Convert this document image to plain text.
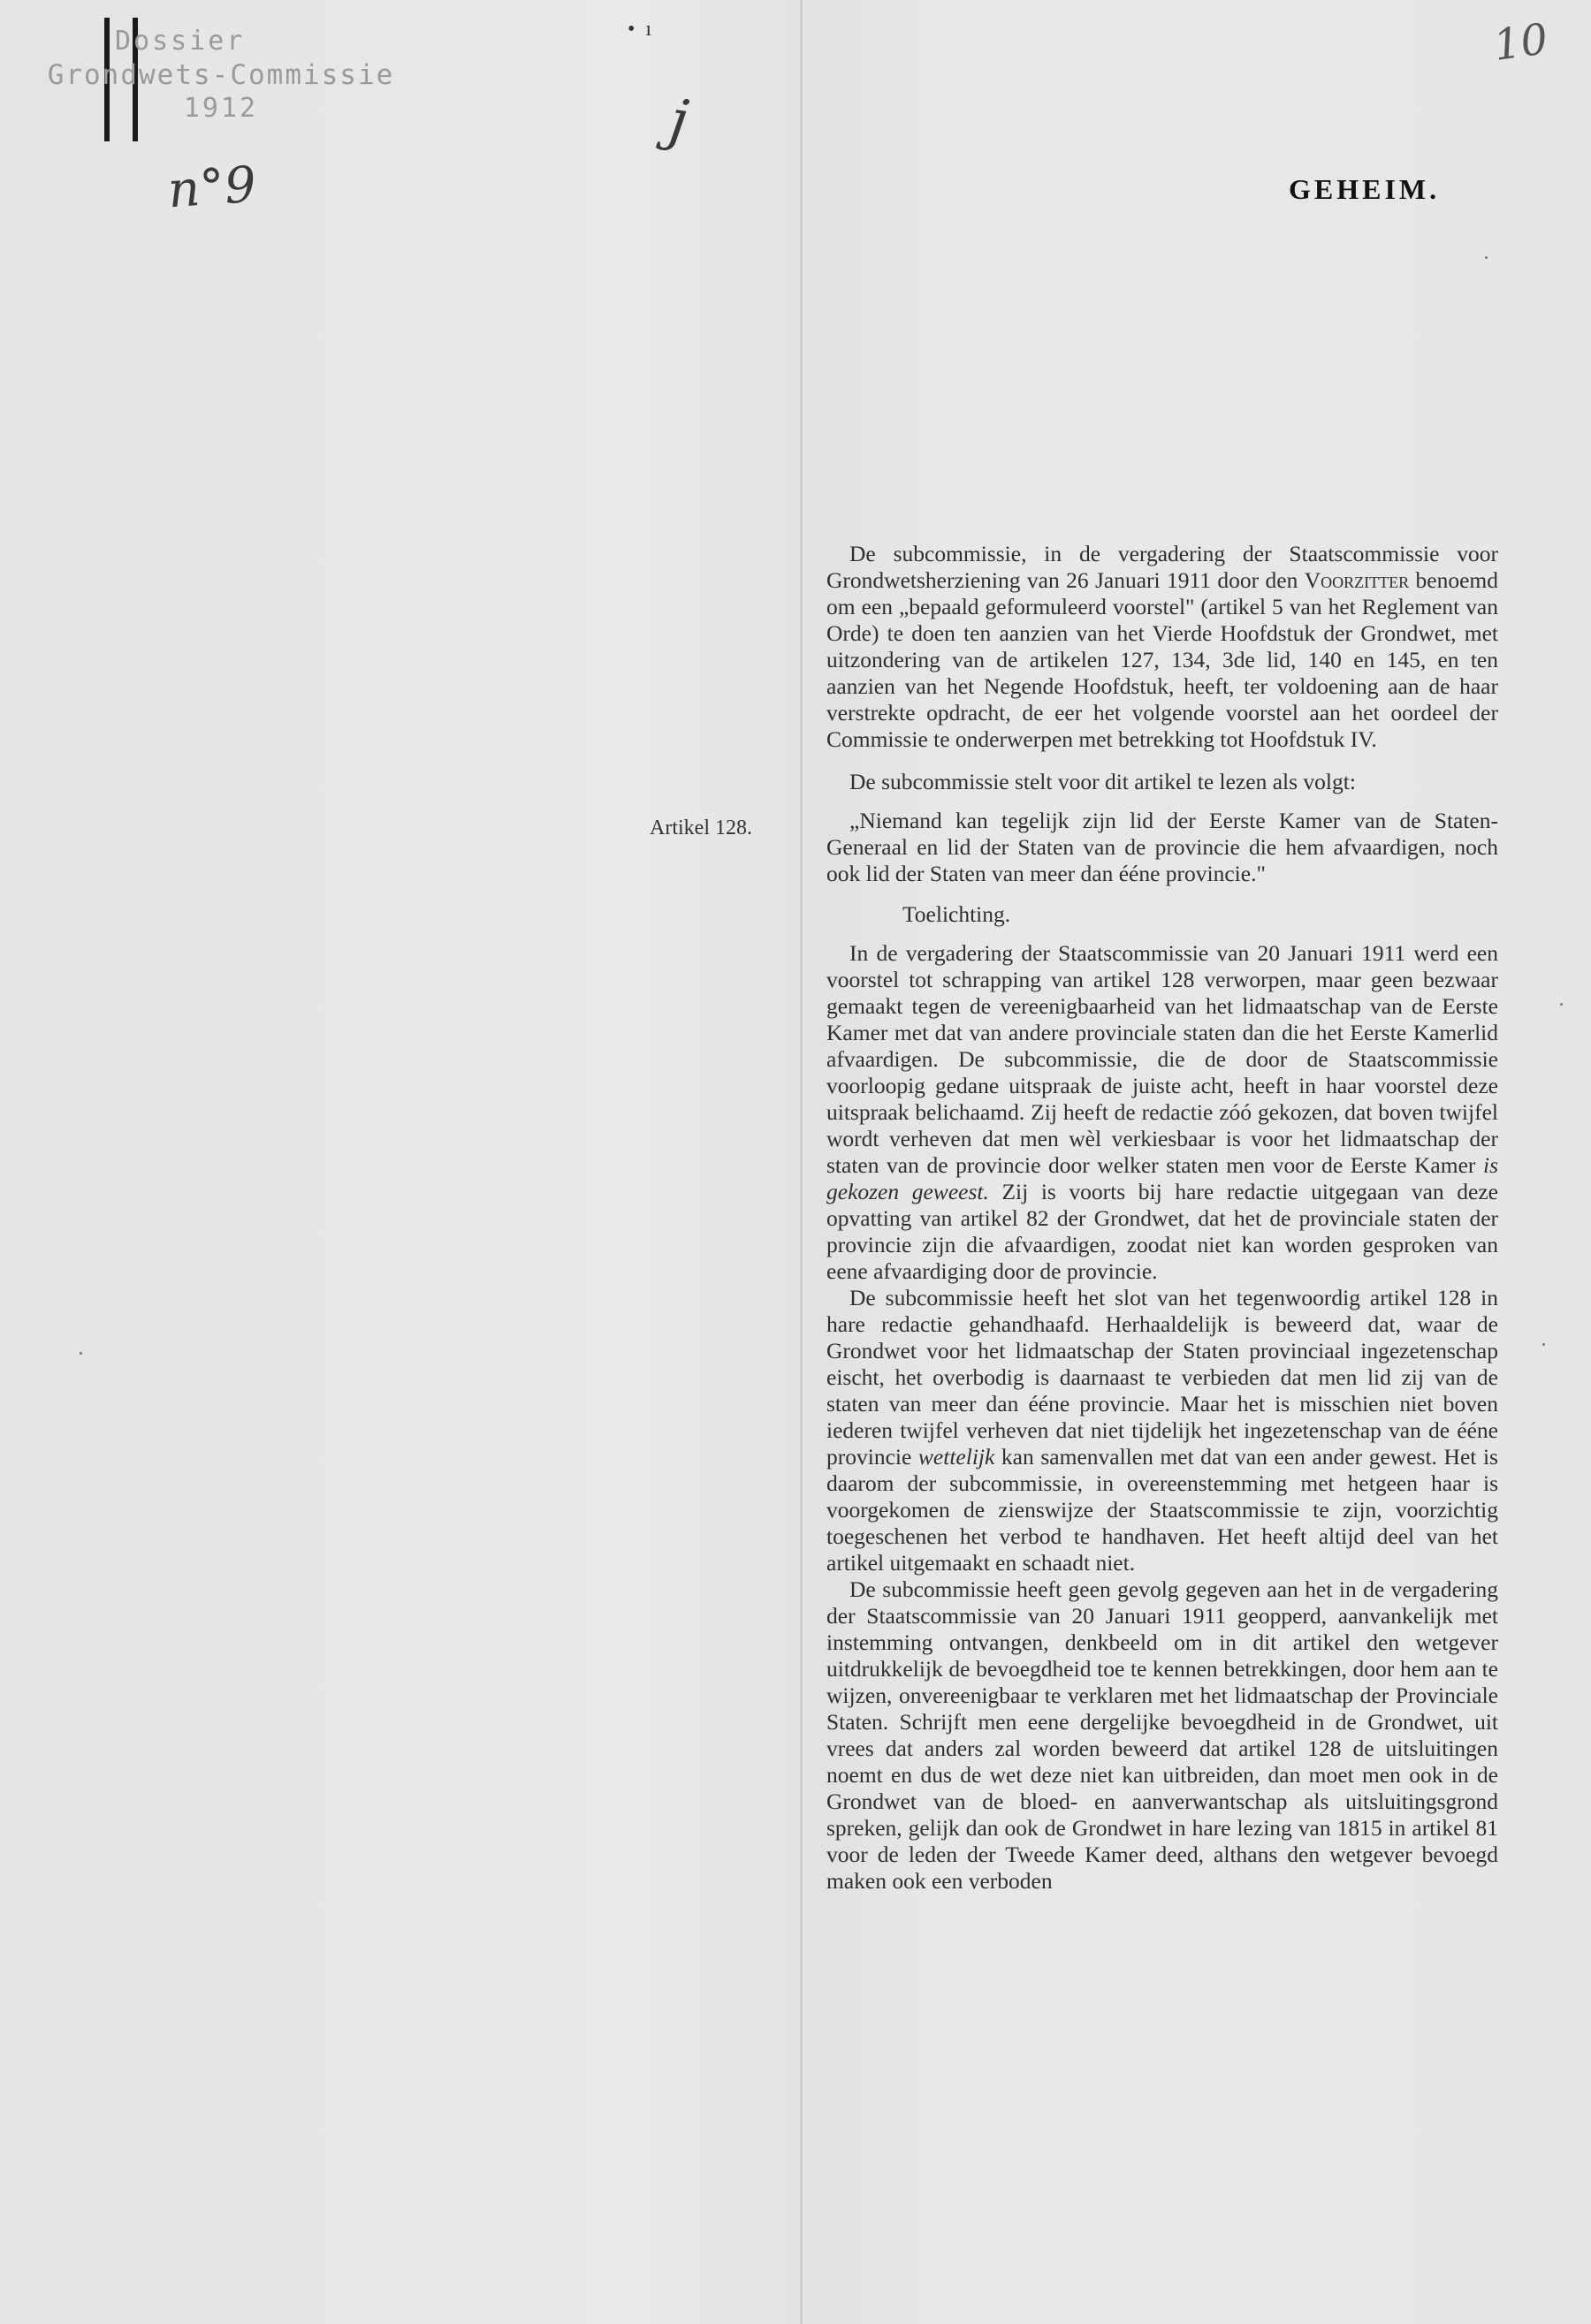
Dossier
Grondwets-Commissie
1912
n°9
10
j
•  ı
GEHEIM.
Artikel 128.

De subcommissie, in de vergadering der Staatscommissie voor Grondwetsherziening van 26 Januari 1911 door den Voorzitter benoemd om een „bepaald geformuleerd voorstel" (artikel 5 van het Reglement van Orde) te doen ten aanzien van het Vierde Hoofdstuk der Grondwet, met uitzondering van de artikelen 127, 134, 3de lid, 140 en 145, en ten aanzien van het Negende Hoofdstuk, heeft, ter voldoening aan de haar verstrekte opdracht, de eer het volgende voorstel aan het oordeel der Commissie te onderwerpen met betrekking tot Hoofdstuk IV.

De subcommissie stelt voor dit artikel te lezen als volgt:

„Niemand kan tegelijk zijn lid der Eerste Kamer van de Staten-Generaal en lid der Staten van de provincie die hem afvaardigen, noch ook lid der Staten van meer dan ééne provincie."

Toelichting.

In de vergadering der Staatscommissie van 20 Januari 1911 werd een voorstel tot schrapping van artikel 128 verworpen, maar geen bezwaar gemaakt tegen de vereenigbaarheid van het lidmaatschap van de Eerste Kamer met dat van andere provinciale staten dan die het Eerste Kamerlid afvaardigen. De subcommissie, die de door de Staatscommissie voorloopig gedane uitspraak de juiste acht, heeft in haar voorstel deze uitspraak belichaamd. Zij heeft de redactie zóó gekozen, dat boven twijfel wordt verheven dat men wèl verkiesbaar is voor het lidmaatschap der staten van de provincie door welker staten men voor de Eerste Kamer is gekozen geweest. Zij is voorts bij hare redactie uitgegaan van deze opvatting van artikel 82 der Grondwet, dat het de provinciale staten der provincie zijn die afvaardigen, zoodat niet kan worden gesproken van eene afvaardiging door de provincie.

De subcommissie heeft het slot van het tegenwoordig artikel 128 in hare redactie gehandhaafd. Herhaaldelijk is beweerd dat, waar de Grondwet voor het lidmaatschap der Staten provinciaal ingezetenschap eischt, het overbodig is daarnaast te verbieden dat men lid zij van de staten van meer dan ééne provincie. Maar het is misschien niet boven iederen twijfel verheven dat niet tijdelijk het ingezetenschap van de ééne provincie wettelijk kan samenvallen met dat van een ander gewest. Het is daarom der subcommissie, in overeenstemming met hetgeen haar is voorgekomen de zienswijze der Staatscommissie te zijn, voorzichtig toegeschenen het verbod te handhaven. Het heeft altijd deel van het artikel uitgemaakt en schaadt niet.

De subcommissie heeft geen gevolg gegeven aan het in de vergadering der Staatscommissie van 20 Januari 1911 geopperd, aanvankelijk met instemming ontvangen, denkbeeld om in dit artikel den wetgever uitdrukkelijk de bevoegdheid toe te kennen betrekkingen, door hem aan te wijzen, onvereenigbaar te verklaren met het lidmaatschap der Provinciale Staten. Schrijft men eene dergelijke bevoegdheid in de Grondwet, uit vrees dat anders zal worden beweerd dat artikel 128 de uitsluitingen noemt en dus de wet deze niet kan uitbreiden, dan moet men ook in de Grondwet van de bloed- en aanverwantschap als uitsluitingsgrond spreken, gelijk dan ook de Grondwet in hare lezing van 1815 in artikel 81 voor de leden der Tweede Kamer deed, althans den wetgever bevoegd maken ook een verboden
